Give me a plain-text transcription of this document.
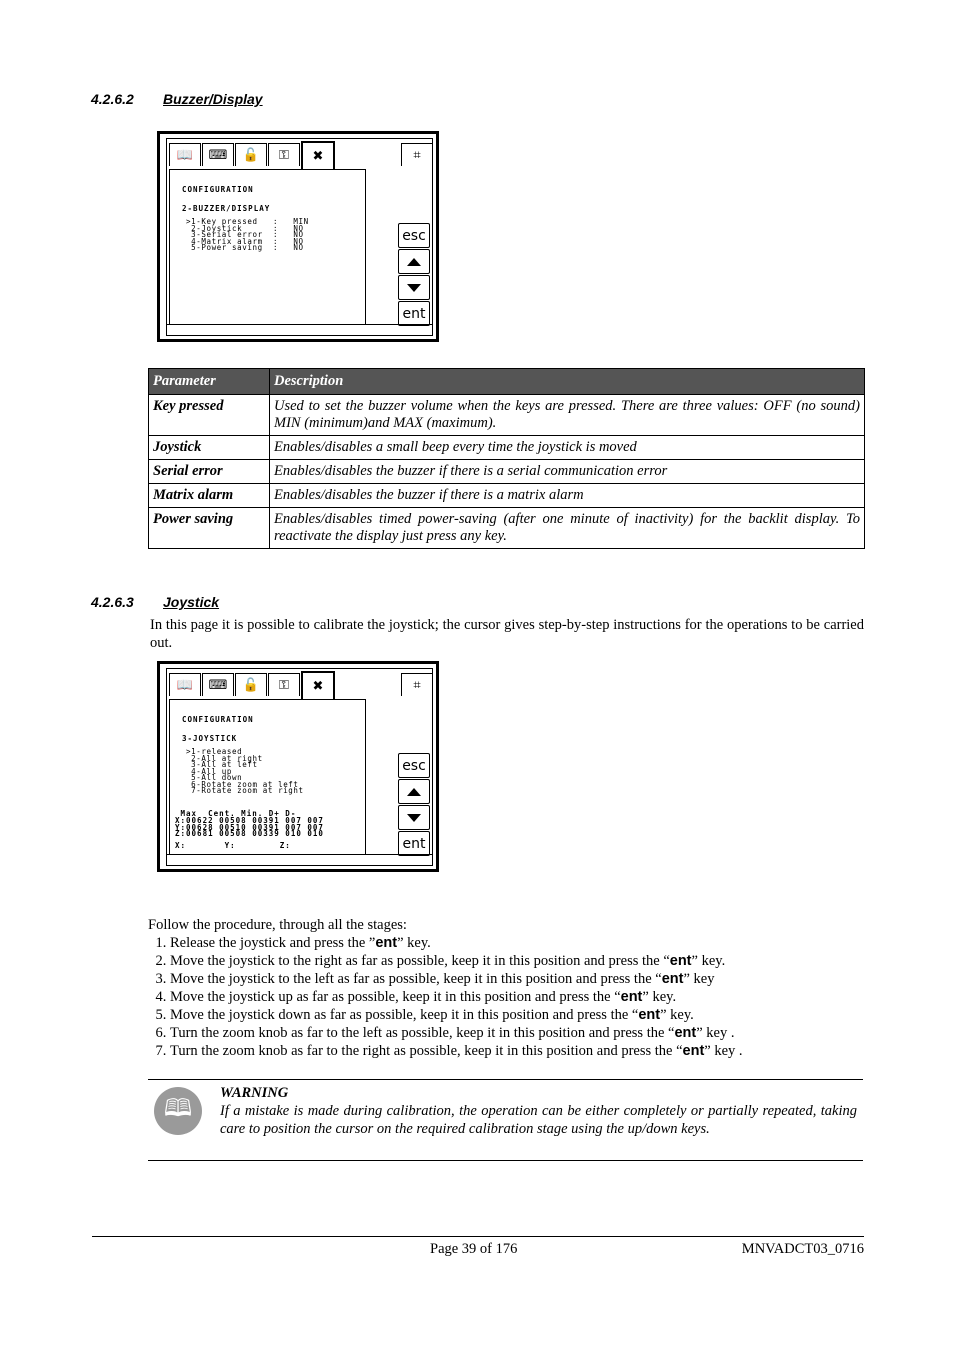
4.2.6.2 Buzzer/Display
📖	⌨	🔓	⚿	✖	⌗
CONFIGURATION
2-BUZZER/DISPLAY
>1-Key pressed   :   MIN
2-Joystick      :   NO
3-Serial error  :   NO
4-Matrix alarm  :   NO
5-Power saving  :   NO
esc
ent
Parameter	Description
Key pressed	Used to set the buzzer volume when the keys are pressed. There are three values: OFF (no sound) MIN (minimum)and MAX (maximum).
Joystick	Enables/disables a small beep every time the joystick is moved
Serial error	Enables/disables the buzzer if there is a serial communication error
Matrix alarm	Enables/disables the buzzer if there is a matrix alarm
Power saving	Enables/disables timed power-saving (after one minute of inactivity) for the backlit display. To reactivate the display just press any key.
4.2.6.3 Joystick
In this page it is possible to calibrate the joystick; the cursor gives step-by-step instructions for the operations to be carried out.
📖	⌨	🔓	⚿	✖	⌗
CONFIGURATION
3-JOYSTICK
>1-released
2-All at right
3-All at left
4-All up
5-All down
6-Rotate zoom at left
7-Rotate zoom at right
Max  Cent. Min. D+ D-
X:00622 00508 00391 007 007
Y:00628 00510 00391 007 007
Z:00681 00508 00339 010 010
X:       Y:        Z:
esc
ent
Follow the procedure, through all the stages:
1. Release the joystick and press the ”ent” key.
2. Move the joystick to the right as far as possible, keep it in this position and press the “ent” key.
3. Move the joystick to the left as far as possible, keep it in this position and press the “ent” key
4. Move the joystick up as far as possible, keep it in this position and press the “ent” key.
5. Move the joystick down as far as possible, keep it in this position and press the “ent” key.
6. Turn the zoom knob as far to the left as possible, keep it in this position and press the “ent” key .
7. Turn the zoom knob as far to the right as possible, keep it in this position and press the “ent” key .
🕮
WARNING
If a mistake is made during calibration, the operation can be either completely or partially repeated, taking care to position the cursor on the required calibration stage using the up/down keys.
Page 39 of 176	MNVADCT03_0716
